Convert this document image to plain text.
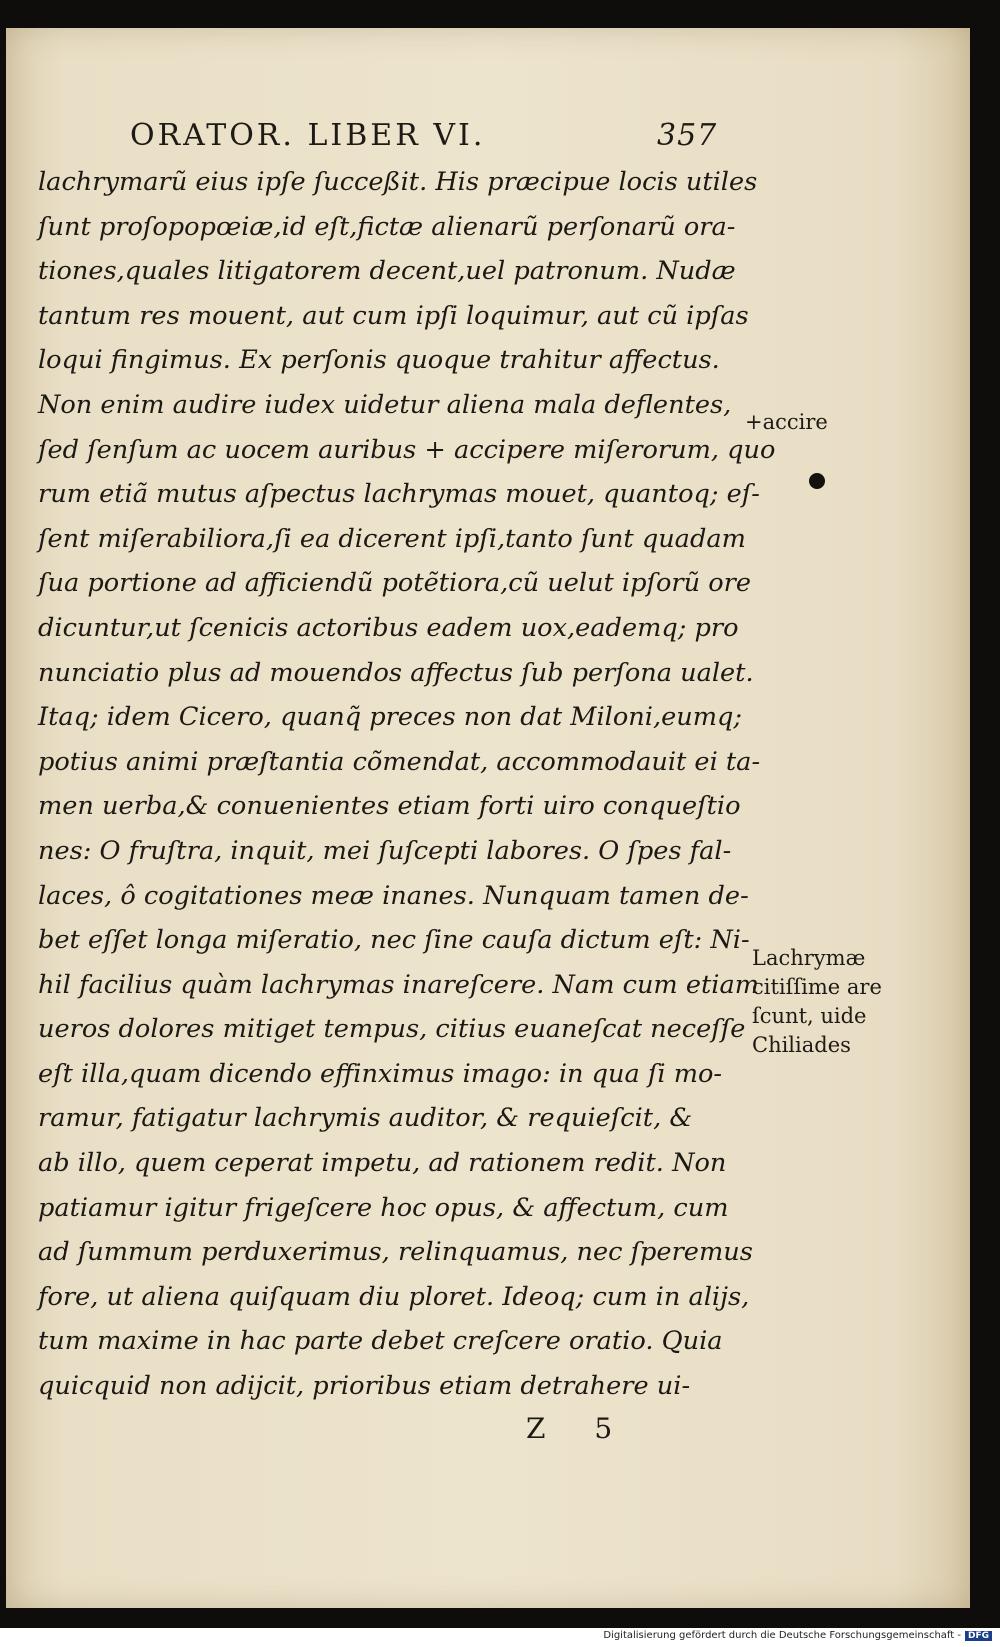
ORATOR. LIBER VI.	357
lachrymarũ eius ipſe ſucceßit. His præcipue locis utiles
ſunt proſopopœiæ,id eſt,fictæ alienarũ perſonarũ ora-
tiones,quales litigatorem decent,uel patronum. Nudæ
tantum res mouent, aut cum ipſi loquimur, aut cũ ipſas
loqui fingimus. Ex perſonis quoque trahitur affectus.
Non enim audire iudex uidetur aliena mala deflentes,
ſed ſenſum ac uocem auribus + accipere miſerorum, quo
rum etiã mutus aſpectus lachrymas mouet, quantoq; eſ-
ſent miſerabiliora,ſi ea dicerent ipſi,tanto ſunt quadam
ſua portione ad afficiendũ potẽtiora,cũ uelut ipſorũ ore
dicuntur,ut ſcenicis actoribus eadem uox,eademq; pro
nunciatio plus ad mouendos affectus ſub perſona ualet.
Itaq; idem Cicero, quanq̃ preces non dat Miloni,eumq;
potius animi præſtantia cõmendat, accommodauit ei ta-
men uerba,& conuenientes etiam forti uiro conqueſtio
nes: O fruſtra, inquit, mei ſuſcepti labores. O ſpes fal-
laces, ô cogitationes meæ inanes. Nunquam tamen de-
bet eſſet longa miſeratio, nec ſine cauſa dictum eſt: Ni-
hil facilius quàm lachrymas inareſcere. Nam cum etiam
ueros dolores mitiget tempus, citius euaneſcat neceſſe
eſt illa,quam dicendo effinximus imago: in qua ſi mo-
ramur, fatigatur lachrymis auditor, & requieſcit, &
ab illo, quem ceperat impetu, ad rationem redit. Non
patiamur igitur frigeſcere hoc opus, & affectum, cum
ad ſummum perduxerimus, relinquamus, nec ſperemus
fore, ut aliena quiſquam diu ploret. Ideoq; cum in alijs,
tum maxime in hac parte debet creſcere oratio. Quia
quicquid non adijcit, prioribus etiam detrahere ui-
+accire
Lachrymæ
citiſſime are
ſcunt, uide
Chiliades
Z 5
Digitalisierung gefördert durch die Deutsche Forschungsgemeinschaft - DFG
